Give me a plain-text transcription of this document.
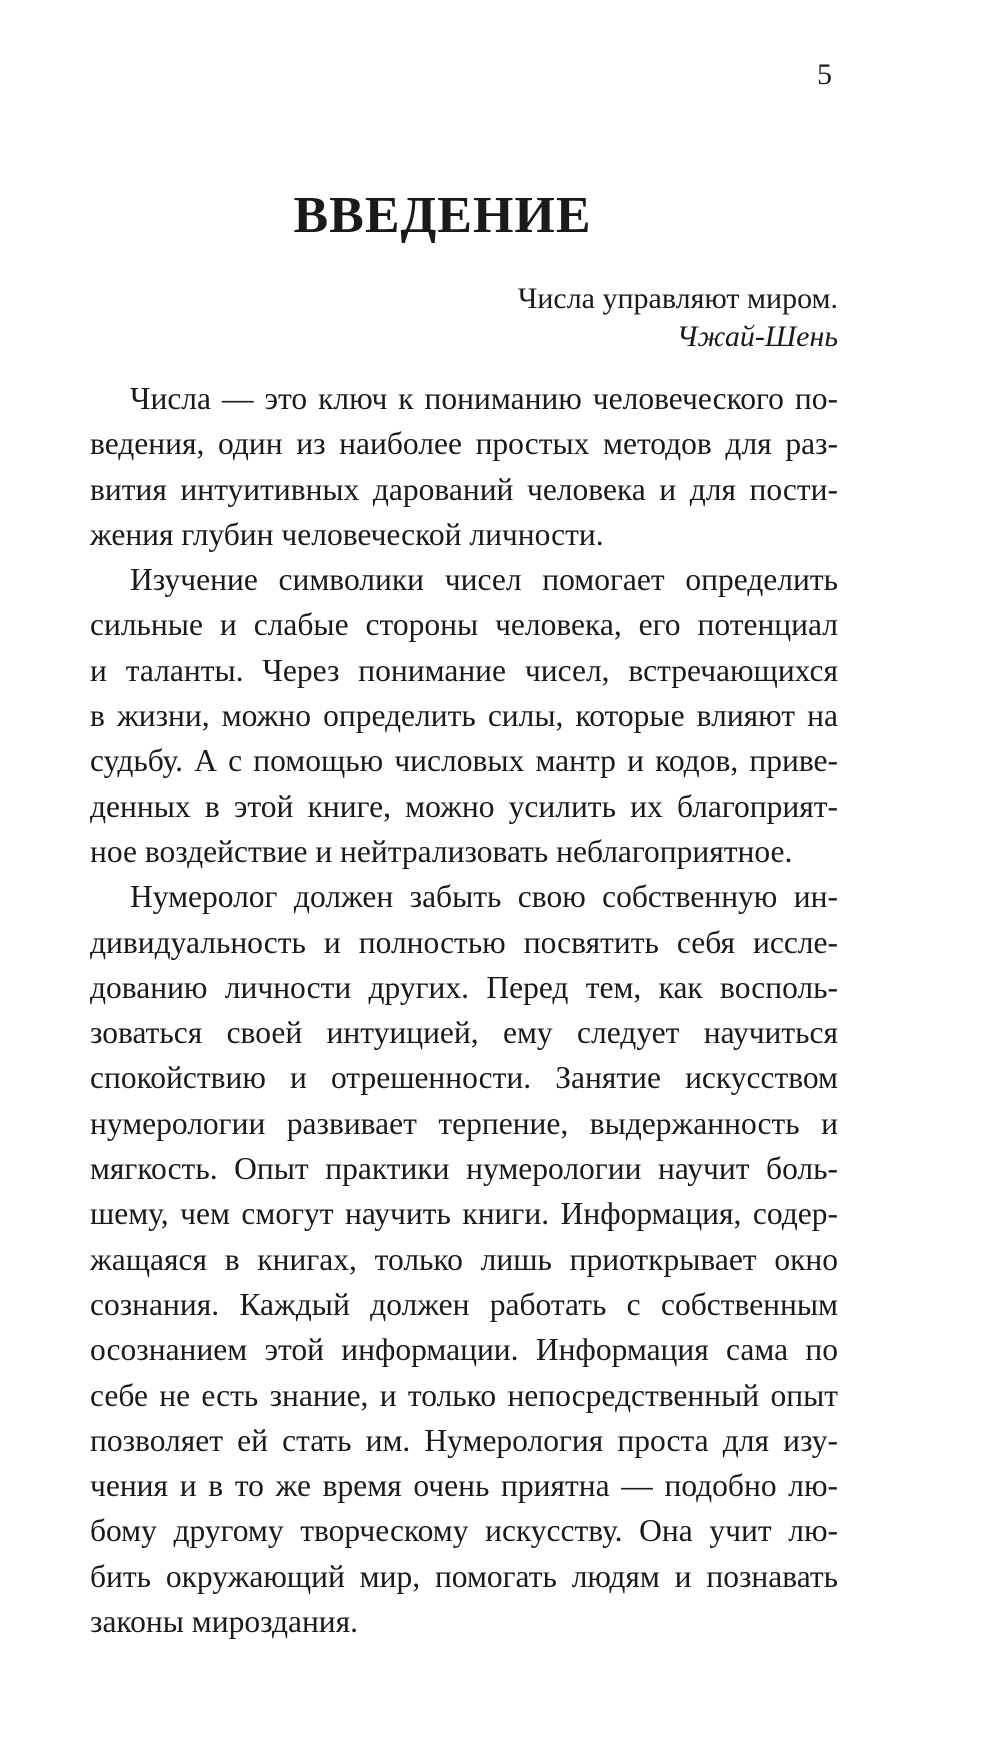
5
ВВЕДЕНИЕ
Числа управляют миром.
Чжай-Шень
Числа — это ключ к пониманию человеческого по-
ведения, один из наиболее простых методов для раз-
вития интуитивных дарований человека и для пости-
жения глубин человеческой личности.
Изучение символики чисел помогает определить
сильные и слабые стороны человека, его потенциал
и таланты. Через понимание чисел, встречающихся
в жизни, можно определить силы, которые влияют на
судьбу. А с помощью числовых мантр и кодов, приве-
денных в этой книге, можно усилить их благоприят-
ное воздействие и нейтрализовать неблагоприятное.
Нумеролог должен забыть свою собственную ин-
дивидуальность и полностью посвятить себя иссле-
дованию личности других. Перед тем, как восполь-
зоваться своей интуицией, ему следует научиться
спокойствию и отрешенности. Занятие искусством
нумерологии развивает терпение, выдержанность и
мягкость. Опыт практики нумерологии научит боль-
шему, чем смогут научить книги. Информация, содер-
жащаяся в книгах, только лишь приоткрывает окно
сознания. Каждый должен работать с собственным
осознанием этой информации. Информация сама по
себе не есть знание, и только непосредственный опыт
позволяет ей стать им. Нумерология проста для изу-
чения и в то же время очень приятна — подобно лю-
бому другому творческому искусству. Она учит лю-
бить окружающий мир, помогать людям и познавать
законы мироздания.
